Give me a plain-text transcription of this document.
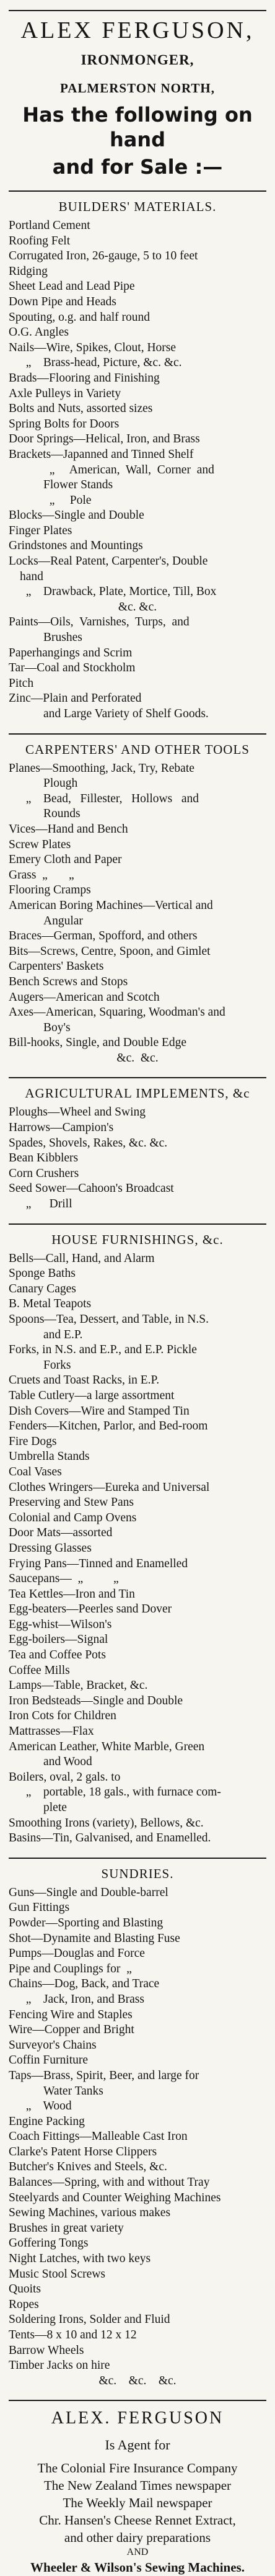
ALEX FERGUSON,
IRONMONGER,
PALMERSTON NORTH,
Has the following on hand
and for Sale :—
BUILDERS' MATERIALS.
Portland Cement
Roofing Felt
Corrugated Iron, 26-gauge, 5 to 10 feet
Ridging
Sheet Lead and Lead Pipe
Down Pipe and Heads
Spouting, o.g. and half round
O.G. Angles
Nails—Wire, Spikes, Clout, Horse
„    Brass-head, Picture, &c. &c.
Brads—Flooring and Finishing
Axle Pulleys in Variety
Bolts and Nuts, assorted sizes
Spring Bolts for Doors
Door Springs—Helical, Iron, and Brass
Brackets—Japanned and Tinned Shelf
„     American,  Wall,  Corner  and
Flower Stands
„     Pole
Blocks—Single and Double
Finger Plates
Grindstones and Mountings
Locks—Real Patent, Carpenter's, Double
hand
„    Drawback, Plate, Mortice, Till, Box
&c. &c.
Paints—Oils,  Varnishes,  Turps,  and
Brushes
Paperhangings and Scrim
Tar—Coal and Stockholm
Pitch
Zinc—Plain and Perforated
and Large Variety of Shelf Goods.
CARPENTERS' AND OTHER TOOLS
Planes—Smoothing, Jack, Try, Rebate
Plough
„    Bead,   Fillester,   Hollows   and
Rounds
Vices—Hand and Bench
Screw Plates
Emery Cloth and Paper
Grass  „       „
Flooring Cramps
American Boring Machines—Vertical and
Angular
Braces—German, Spofford, and others
Bits—Screws, Centre, Spoon, and Gimlet
Carpenters' Baskets
Bench Screws and Stops
Augers—American and Scotch
Axes—American, Squaring, Woodman's and
Boy's
Bill-hooks, Single, and Double Edge
&c.  &c.
AGRICULTURAL IMPLEMENTS, &c
Ploughs—Wheel and Swing
Harrows—Campion's
Spades, Shovels, Rakes, &c. &c.
Bean Kibblers
Corn Crushers
Seed Sower—Cahoon's Broadcast
„      Drill
HOUSE FURNISHINGS, &c.
Bells—Call, Hand, and Alarm
Sponge Baths
Canary Cages
B. Metal Teapots
Spoons—Tea, Dessert, and Table, in N.S.
and E.P.
Forks, in N.S. and E.P., and E.P. Pickle
Forks
Cruets and Toast Racks, in E.P.
Table Cutlery—a large assortment
Dish Covers—Wire and Stamped Tin
Fenders—Kitchen, Parlor, and Bed-room
Fire Dogs
Umbrella Stands
Coal Vases
Clothes Wringers—Eureka and Universal
Preserving and Stew Pans
Colonial and Camp Ovens
Door Mats—assorted
Dressing Glasses
Frying Pans—Tinned and Enamelled
Saucepans—  „          „
Tea Kettles—Iron and Tin
Egg-beaters—Peerles sand Dover
Egg-whist—Wilson's
Egg-boilers—Signal
Tea and Coffee Pots
Coffee Mills
Lamps—Table, Bracket, &c.
Iron Bedsteads—Single and Double
Iron Cots for Children
Mattrasses—Flax
American Leather, White Marble, Green
and Wood
Boilers, oval, 2 gals. to
„    portable, 18 gals., with furnace com-
plete
Smoothing Irons (variety), Bellows, &c.
Basins—Tin, Galvanised, and Enamelled.
SUNDRIES.
Guns—Single and Double-barrel
Gun Fittings
Powder—Sporting and Blasting
Shot—Dynamite and Blasting Fuse
Pumps—Douglas and Force
Pipe and Couplings for  „
Chains—Dog, Back, and Trace
„    Jack, Iron, and Brass
Fencing Wire and Staples
Wire—Copper and Bright
Surveyor's Chains
Coffin Furniture
Taps—Brass, Spirit, Beer, and large for
Water Tanks
„    Wood
Engine Packing
Coach Fittings—Malleable Cast Iron
Clarke's Patent Horse Clippers
Butcher's Knives and Steels, &c.
Balances—Spring, with and without Tray
Steelyards and Counter Weighing Machines
Sewing Machines, various makes
Brushes in great variety
Goffering Tongs
Night Latches, with two keys
Music Stool Screws
Quoits
Ropes
Soldering Irons, Solder and Fluid
Tents—8 x 10 and 12 x 12
Barrow Wheels
Timber Jacks on hire
&c.    &c.    &c.
ALEX. FERGUSON
Is Agent for
The Colonial Fire Insurance Company
The New Zealand Times newspaper
The Weekly Mail newspaper
Chr. Hansen's Cheese Rennet Extract,
and other dairy preparations
AND
Wheeler & Wilson's Sewing Machines.
